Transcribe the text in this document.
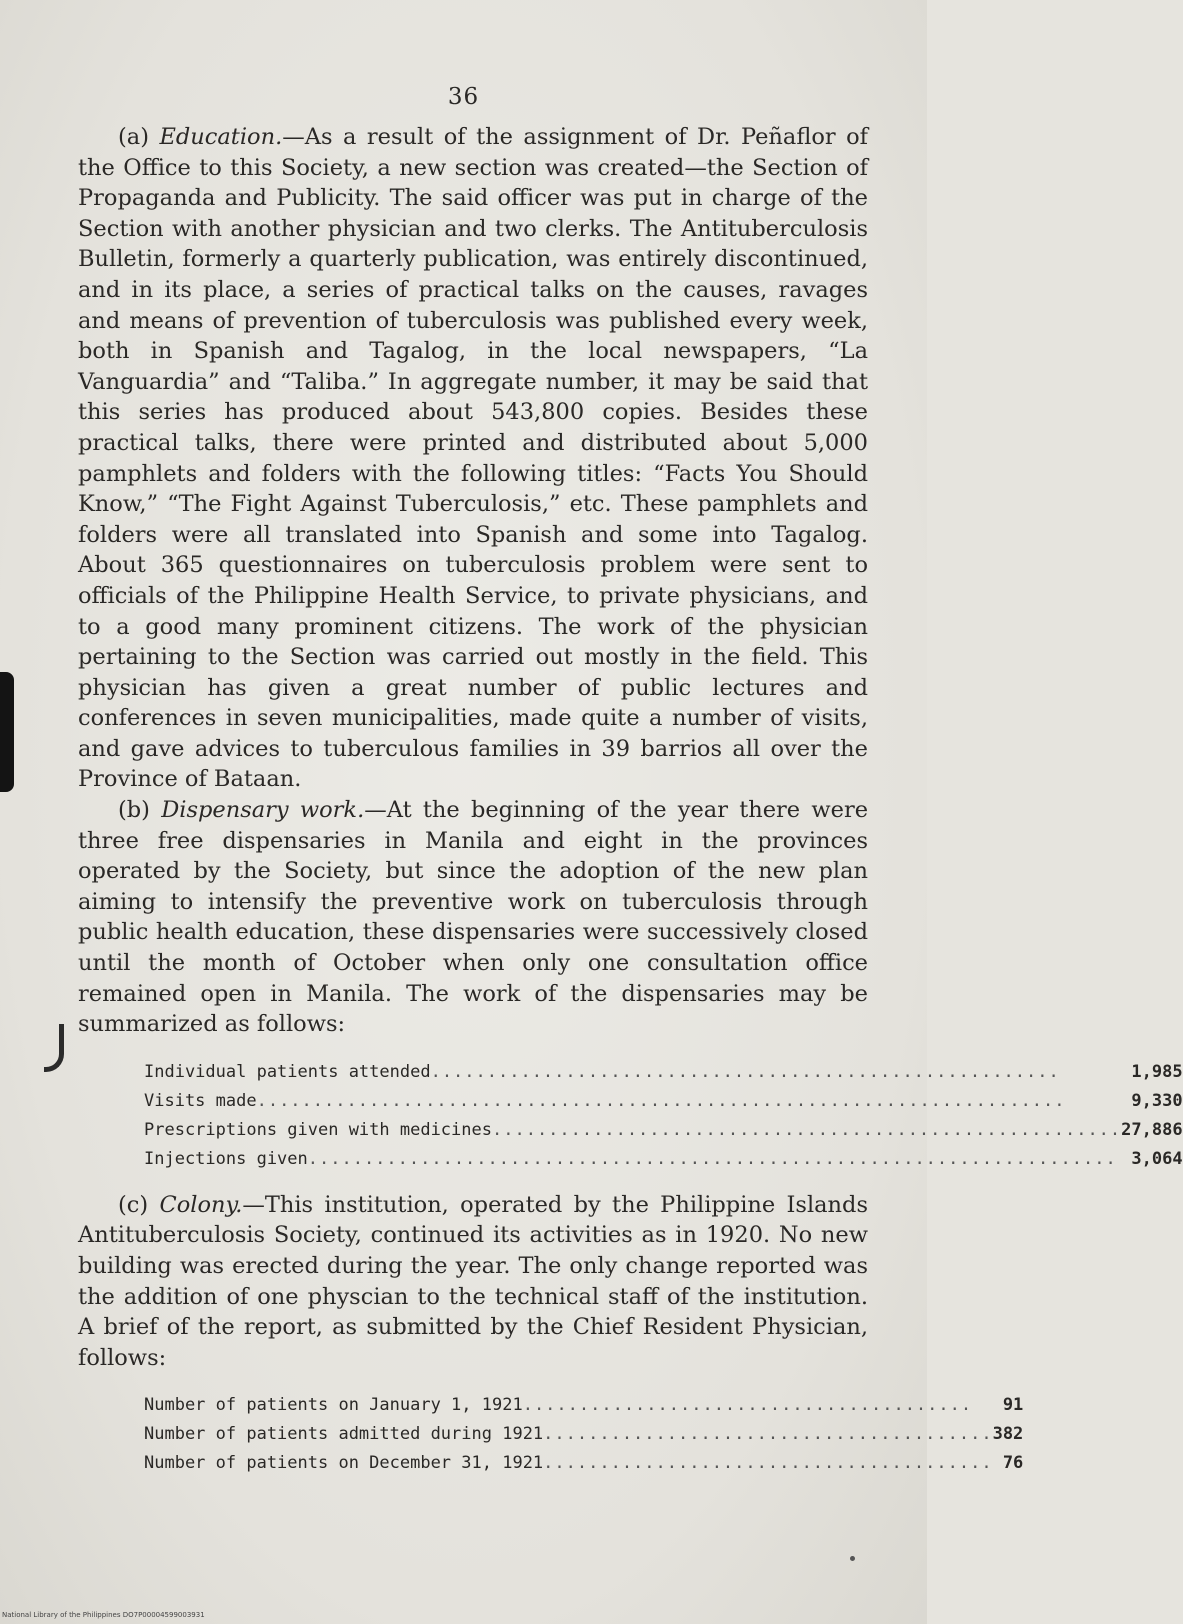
36

(a) Education.—As a result of the assignment of Dr. Peñaflor of the Office to this Society, a new section was created—the Section of Propaganda and Publicity. The said officer was put in charge of the Section with another physician and two clerks. The Antituberculosis Bulletin, formerly a quarterly publication, was entirely discontinued, and in its place, a series of practical talks on the causes, ravages and means of prevention of tuberculosis was published every week, both in Spanish and Tagalog, in the local newspapers, “La Vanguardia” and “Taliba.” In aggregate number, it may be said that this series has produced about 543,800 copies. Besides these practical talks, there were printed and distributed about 5,000 pamphlets and folders with the following titles: “Facts You Should Know,” “The Fight Against Tuberculosis,” etc. These pamphlets and folders were all translated into Spanish and some into Tagalog. About 365 questionnaires on tuberculosis problem were sent to officials of the Philippine Health Service, to private physicians, and to a good many prominent citizens. The work of the physician pertaining to the Section was carried out mostly in the field. This physician has given a great number of public lectures and conferences in seven municipalities, made quite a number of visits, and gave advices to tuberculous families in 39 barrios all over the Province of Bataan.

(b) Dispensary work.—At the beginning of the year there were three free dispensaries in Manila and eight in the provinces operated by the Society, but since the adoption of the new plan aiming to intensify the preventive work on tuberculosis through public health education, these dispensaries were successively closed until the month of October when only one consultation office remained open in Manila. The work of the dispensaries may be summarized as follows:

Individual patients attended........................................................	1,985
Visits made........................................................................	9,330
Prescriptions given with medicines........................................................	27,886
Injections given........................................................................	3,064

(c) Colony.—This institution, operated by the Philippine Islands Antituberculosis Society, continued its activities as in 1920. No new building was erected during the year. The only change reported was the addition of one physcian to the technical staff of the institution. A brief of the report, as submitted by the Chief Resident Physician, follows:

Number of patients on January 1, 1921........................................	91
Number of patients admitted during 1921........................................	382
Number of patients on December 31, 1921........................................	76
National Library of the Philippines DO7P00004599003931
